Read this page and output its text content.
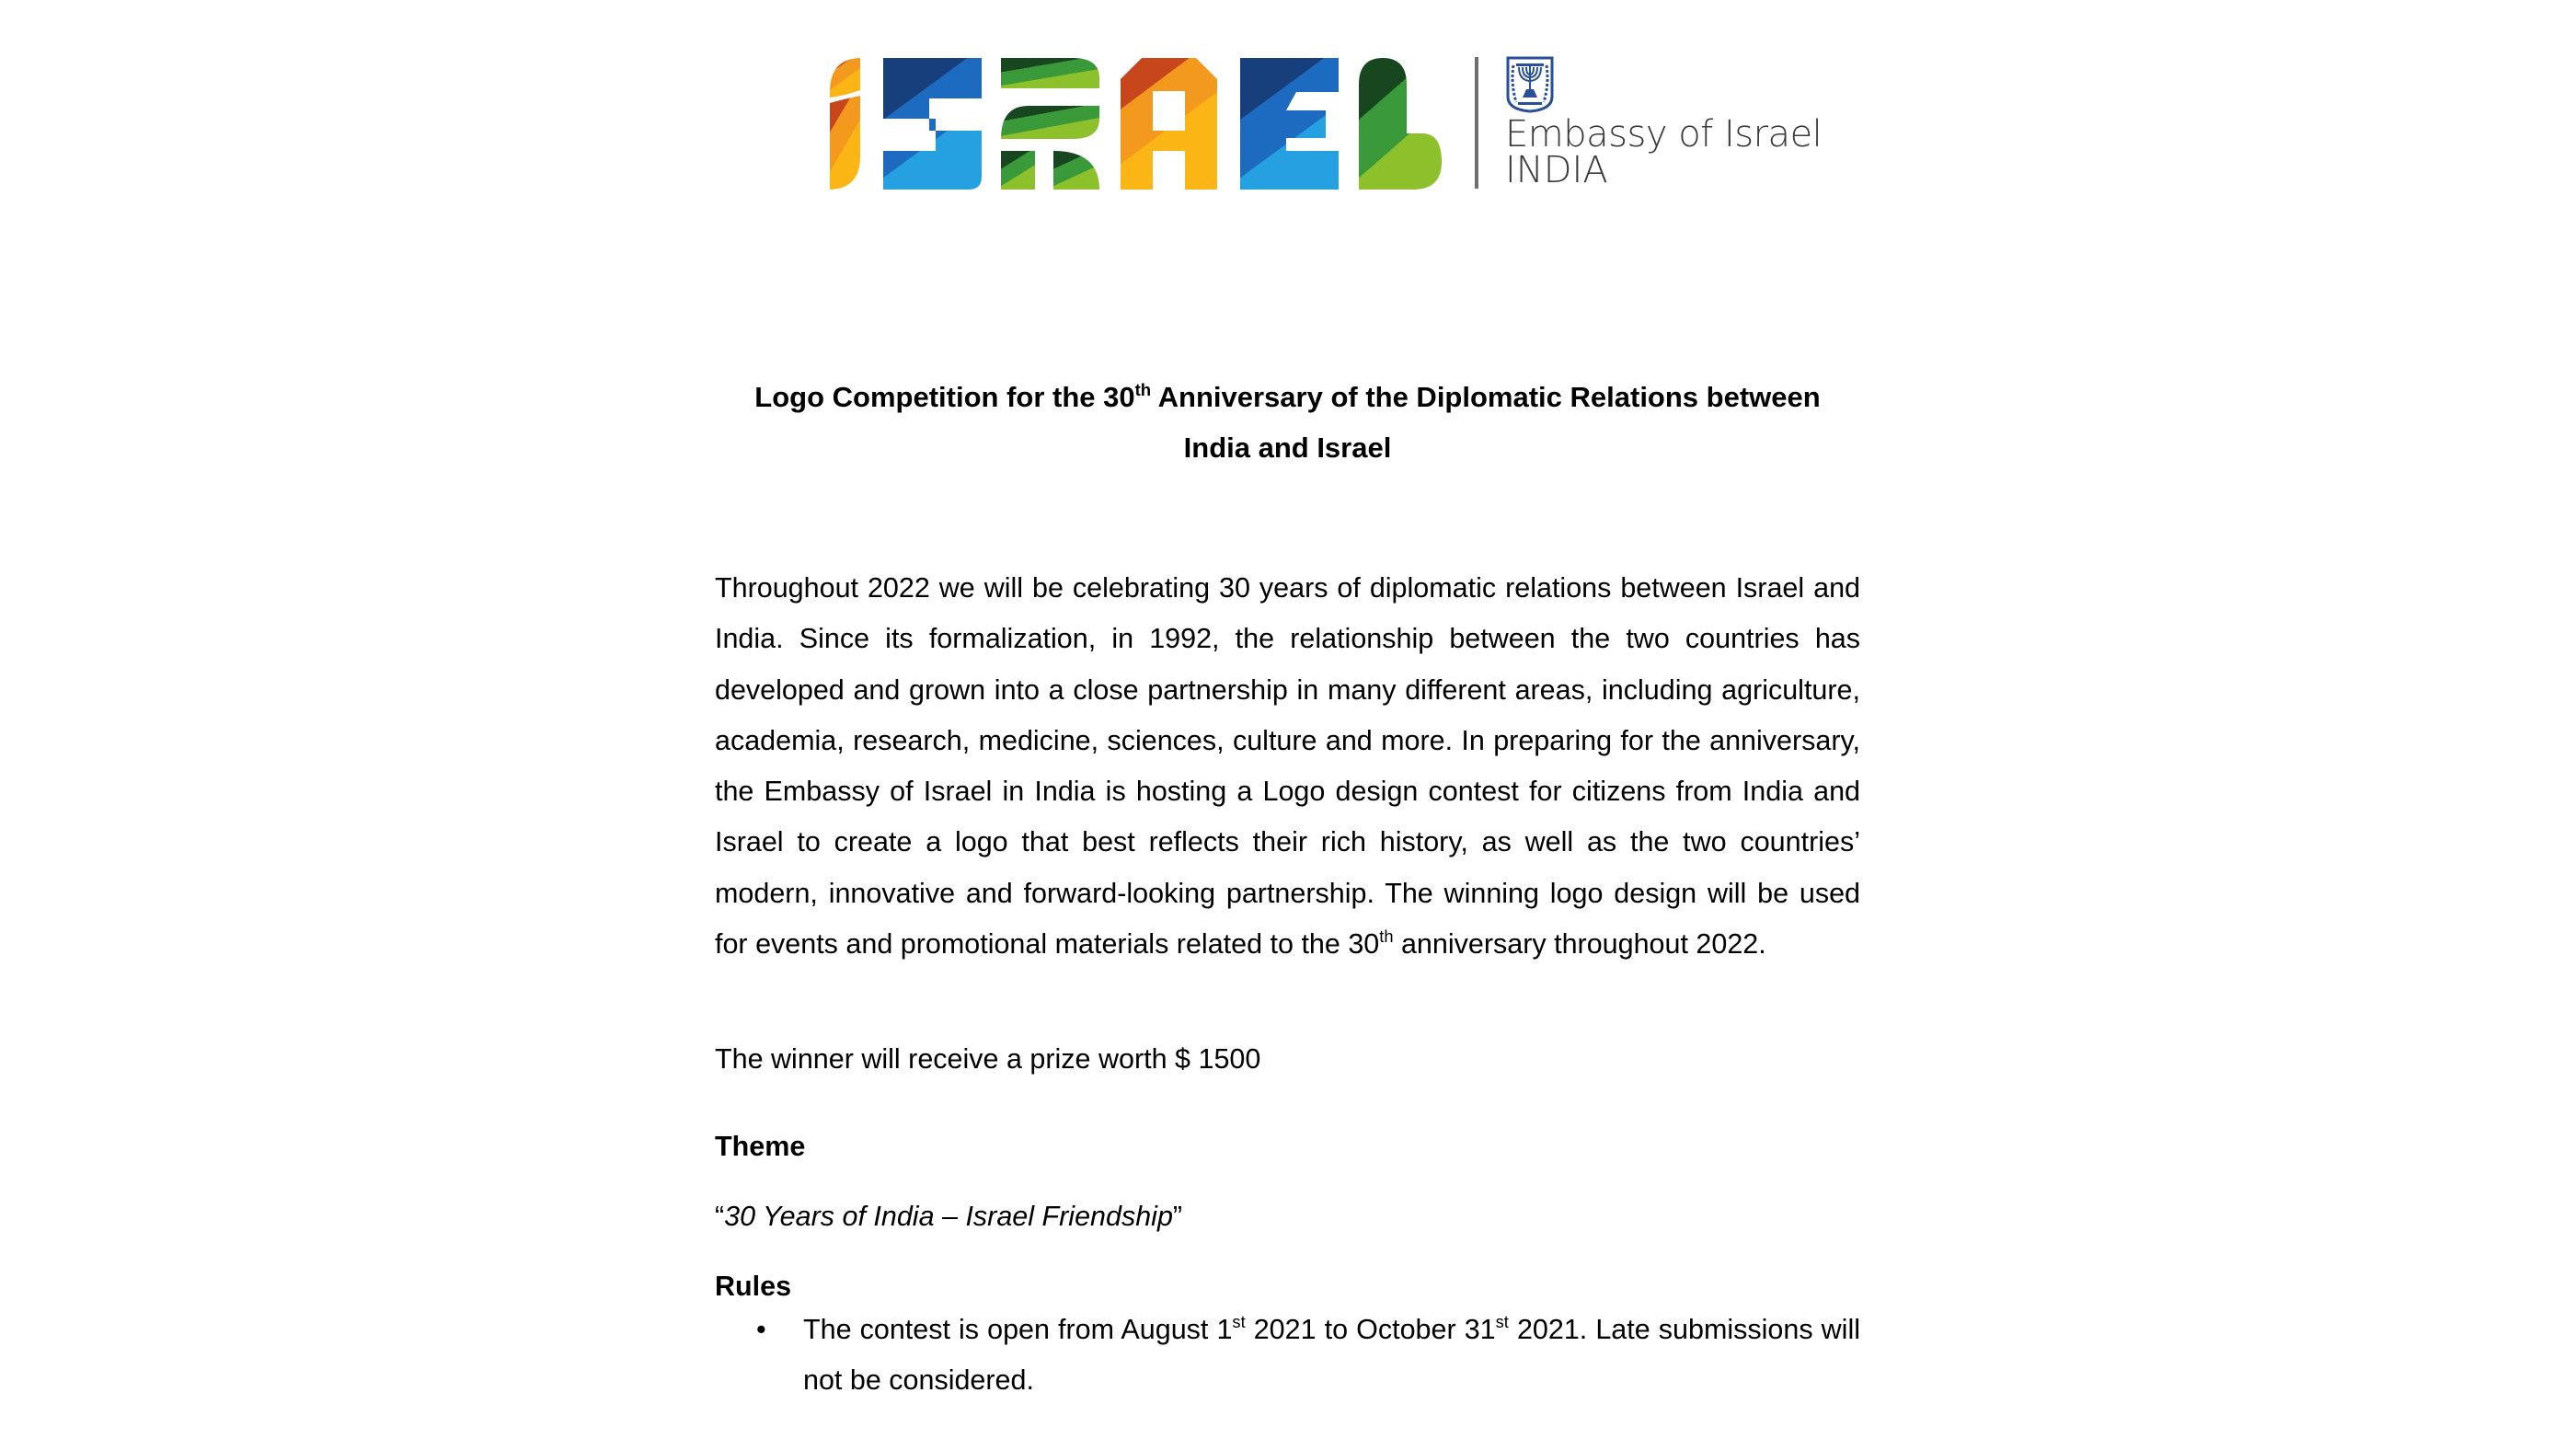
Embassy of Israel
INDIA
Logo Competition for the 30th Anniversary of the Diplomatic Relations between
India and Israel
Throughout 2022 we will be celebrating 30 years of diplomatic relations between Israel and India. Since its formalization, in 1992, the relationship between the two countries has developed and grown into a close partnership in many different areas, including agriculture, academia, research, medicine, sciences, culture and more. In preparing for the anniversary, the Embassy of Israel in India is hosting a Logo design contest for citizens from India and Israel to create a logo that best reflects their rich history, as well as the two countries’ modern, innovative and forward-looking partnership. The winning logo design will be used for events and promotional materials related to the 30th anniversary throughout 2022.
The winner will receive a prize worth $ 1500
Theme
“30 Years of India – Israel Friendship”
Rules
•	The contest is open from August 1st 2021 to October 31st 2021. Late submissions will not be considered.
